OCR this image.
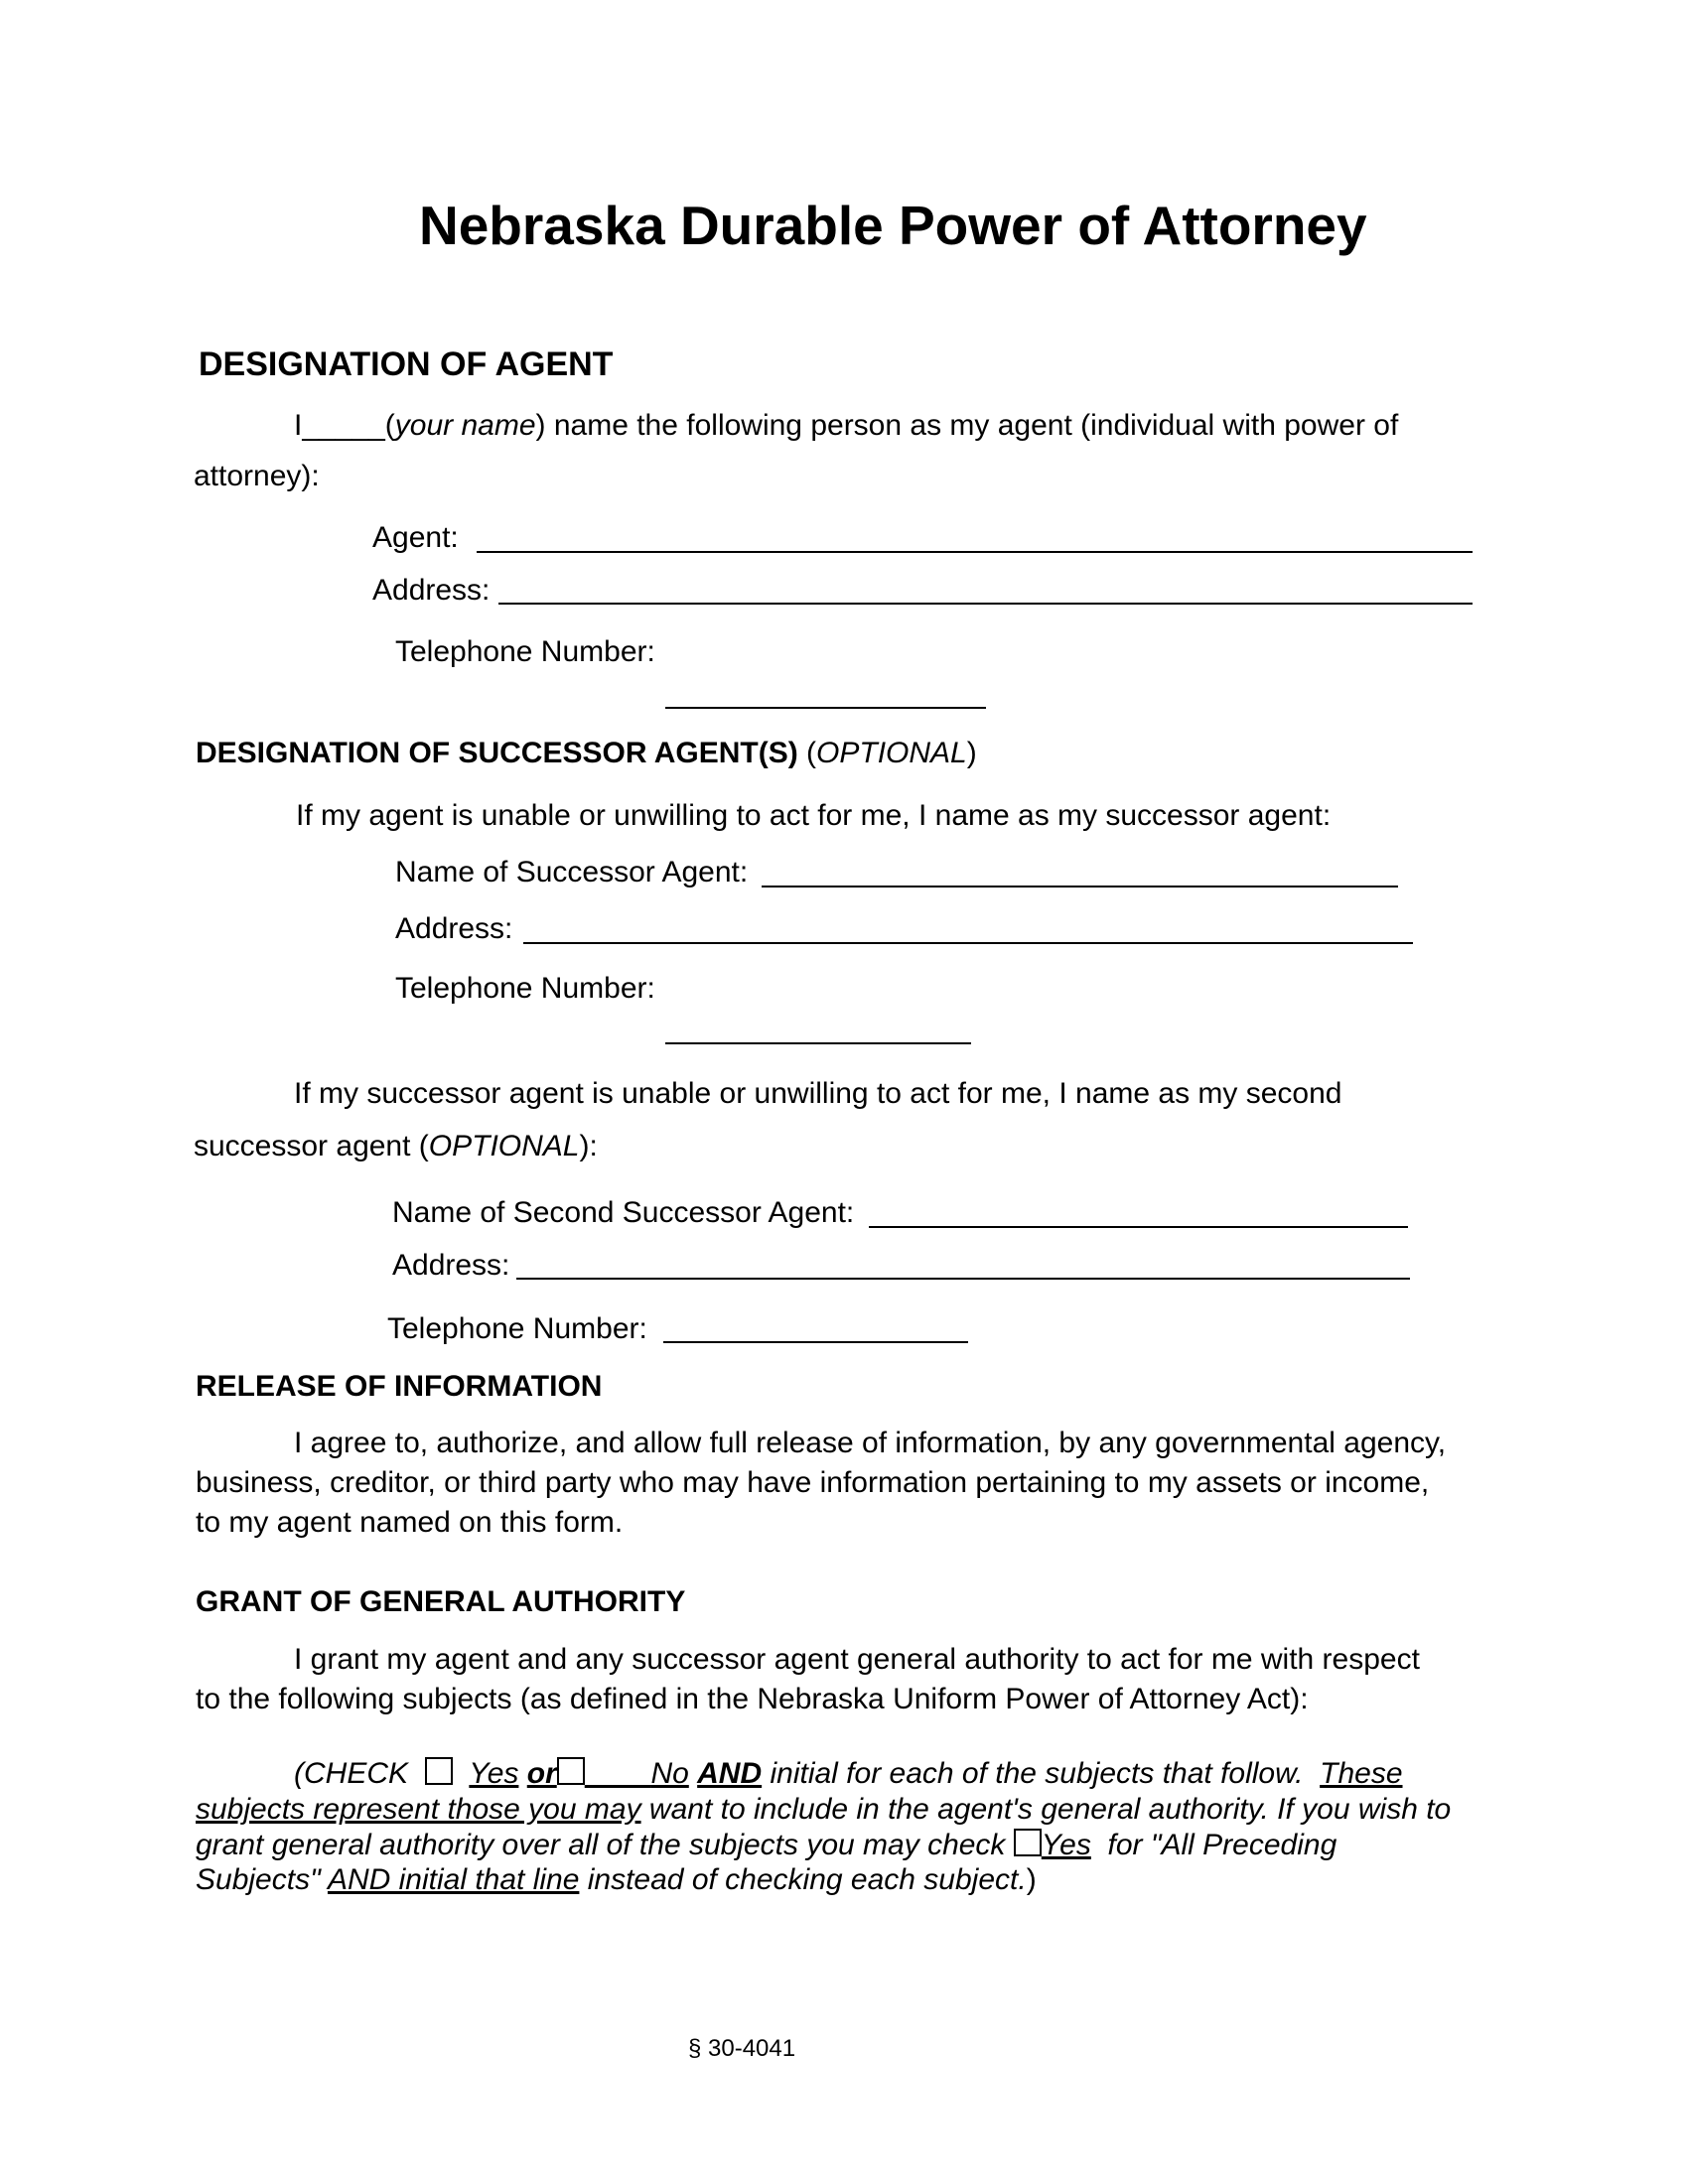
Nebraska Durable Power of Attorney
DESIGNATION OF AGENT
I_____(your name) name the following person as my agent (individual with power of
attorney):
Agent:
Address:
Telephone Number:
DESIGNATION OF SUCCESSOR AGENT(S) (OPTIONAL)
If my agent is unable or unwilling to act for me, I name as my successor agent:
Name of Successor Agent:
Address:
Telephone Number:
If my successor agent is unable or unwilling to act for me, I name as my second
successor agent (OPTIONAL):
Name of Second Successor Agent:
Address:
Telephone Number:
RELEASE OF INFORMATION
I agree to, authorize, and allow full release of information, by any governmental agency,
business, creditor, or third party who may have information pertaining to my assets or income,
to my agent named on this form.
GRANT OF GENERAL AUTHORITY
I grant my agent and any successor agent general authority to act for me with respect
to the following subjects (as defined in the Nebraska Uniform Power of Attorney Act):
(CHECK Yes or	No AND initial for each of the subjects that follow. These
subjects represent those you may want to include in the agent's general authority. If you wish to
grant general authority over all of the subjects you may check Yes for "All Preceding
Subjects" AND initial that line instead of checking each subject.)
§ 30-4041
